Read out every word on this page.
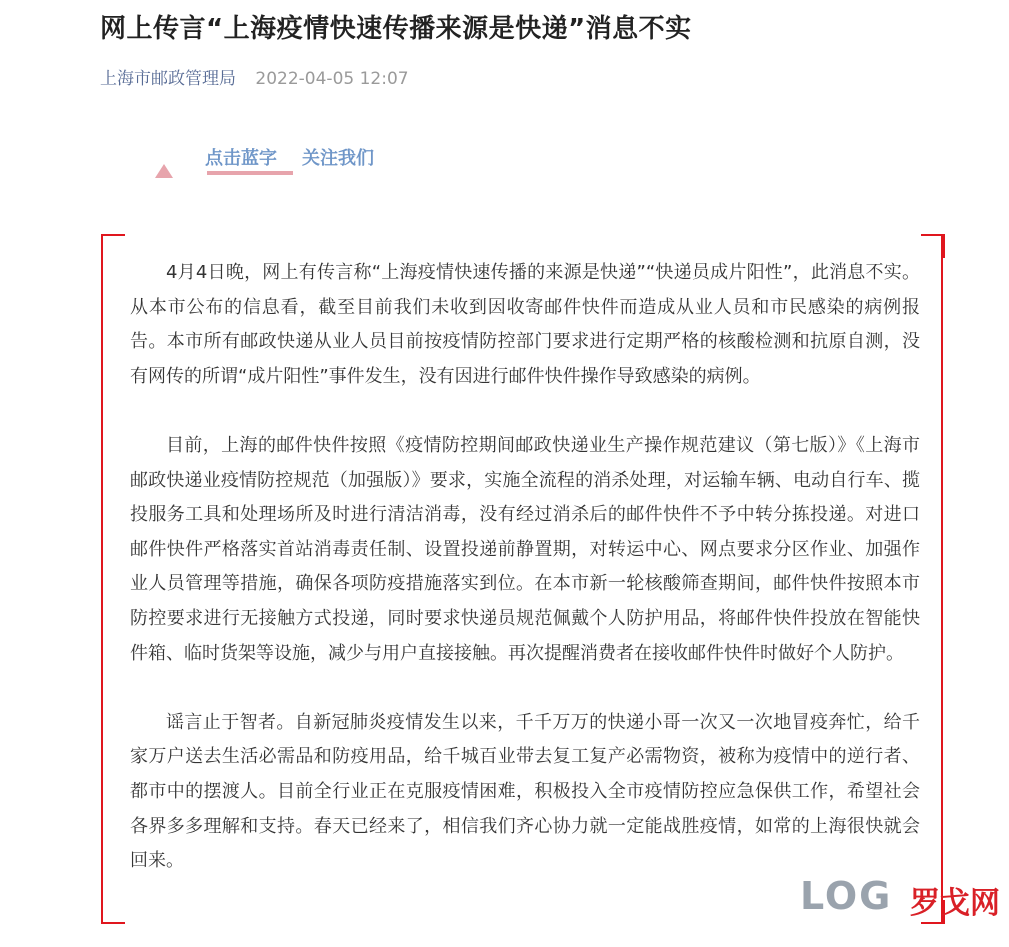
网上传言“上海疫情快速传播来源是快递”消息不实
上海市邮政管理局 2022-04-05 12:07
点击蓝字 关注我们

4月4日晚，网上有传言称“上海疫情快速传播的来源是快递”“快递员成片阳性”，此消息不实。从本市公布的信息看，截至目前我们未收到因收寄邮件快件而造成从业人员和市民感染的病例报告。本市所有邮政快递从业人员目前按疫情防控部门要求进行定期严格的核酸检测和抗原自测，没有网传的所谓“成片阳性”事件发生，没有因进行邮件快件操作导致感染的病例。

目前，上海的邮件快件按照《疫情防控期间邮政快递业生产操作规范建议（第七版）》《上海市邮政快递业疫情防控规范（加强版）》要求，实施全流程的消杀处理，对运输车辆、电动自行车、揽投服务工具和处理场所及时进行清洁消毒，没有经过消杀后的邮件快件不予中转分拣投递。对进口邮件快件严格落实首站消毒责任制、设置投递前静置期，对转运中心、网点要求分区作业、加强作业人员管理等措施，确保各项防疫措施落实到位。在本市新一轮核酸筛查期间，邮件快件按照本市防控要求进行无接触方式投递，同时要求快递员规范佩戴个人防护用品，将邮件快件投放在智能快件箱、临时货架等设施，减少与用户直接接触。再次提醒消费者在接收邮件快件时做好个人防护。

谣言止于智者。自新冠肺炎疫情发生以来，千千万万的快递小哥一次又一次地冒疫奔忙，给千家万户送去生活必需品和防疫用品，给千城百业带去复工复产必需物资，被称为疫情中的逆行者、都市中的摆渡人。目前全行业正在克服疫情困难，积极投入全市疫情防控应急保供工作，希望社会各界多多理解和支持。春天已经来了，相信我们齐心协力就一定能战胜疫情，如常的上海很快就会回来。

LOG 罗戈网
